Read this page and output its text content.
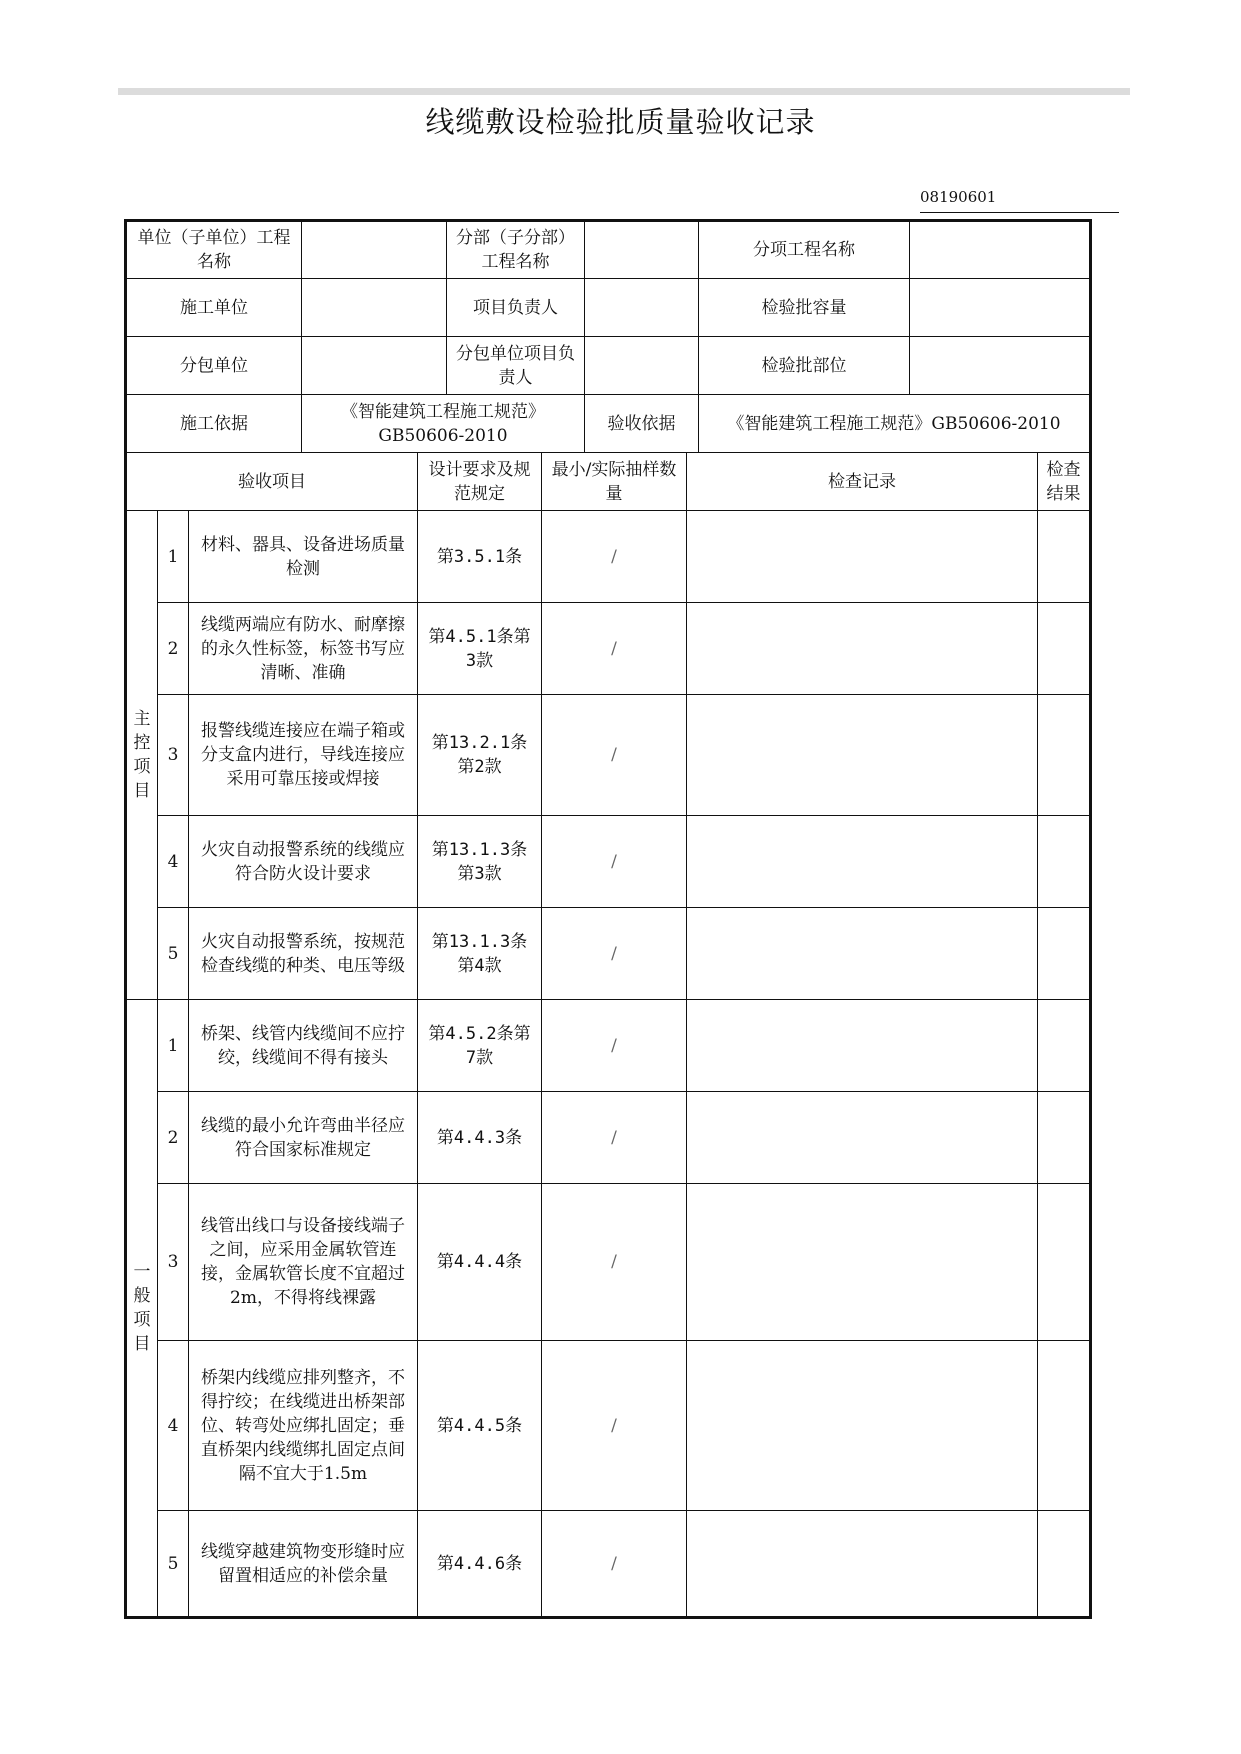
线缆敷设检验批质量验收记录
08190601
单位（子单位）工程名称					分部（子分部）工程名称				分项工程名称		
施工单位					项目负责人				检验批容量		
分包单位					分包单位项目负责人				检验批部位		
施工依据			《智能建筑工程施工规范》GB50606-2010				验收依据		《智能建筑工程施工规范》GB50606-2010		
验收项目				设计要求及规范规定		最小/实际抽样数量		检查记录			检查结果

主控项目	1	材料、器具、设备进场质量检测		第3.5.1条		/					
	2	线缆两端应有防水、耐摩擦的永久性标签，标签书写应清晰、准确		第4.5.1条第3款		/					
	3	报警线缆连接应在端子箱或分支盒内进行，导线连接应采用可靠压接或焊接		第13.2.1条第2款		/					
	4	火灾自动报警系统的线缆应符合防火设计要求		第13.1.3条第3款		/					
	5	火灾自动报警系统，按规范检查线缆的种类、电压等级		第13.1.3条第4款		/					

一般项目	1	桥架、线管内线缆间不应拧绞，线缆间不得有接头		第4.5.2条第7款		/					
	2	线缆的最小允许弯曲半径应符合国家标准规定		第4.4.3条		/					
	3	线管出线口与设备接线端子之间，应采用金属软管连接，金属软管长度不宜超过2m，不得将线裸露		第4.4.4条		/					
	4	桥架内线缆应排列整齐，不得拧绞；在线缆进出桥架部位、转弯处应绑扎固定；垂直桥架内线缆绑扎固定点间隔不宜大于1.5m		第4.4.5条		/					
	5	线缆穿越建筑物变形缝时应留置相适应的补偿余量		第4.4.6条		/					
